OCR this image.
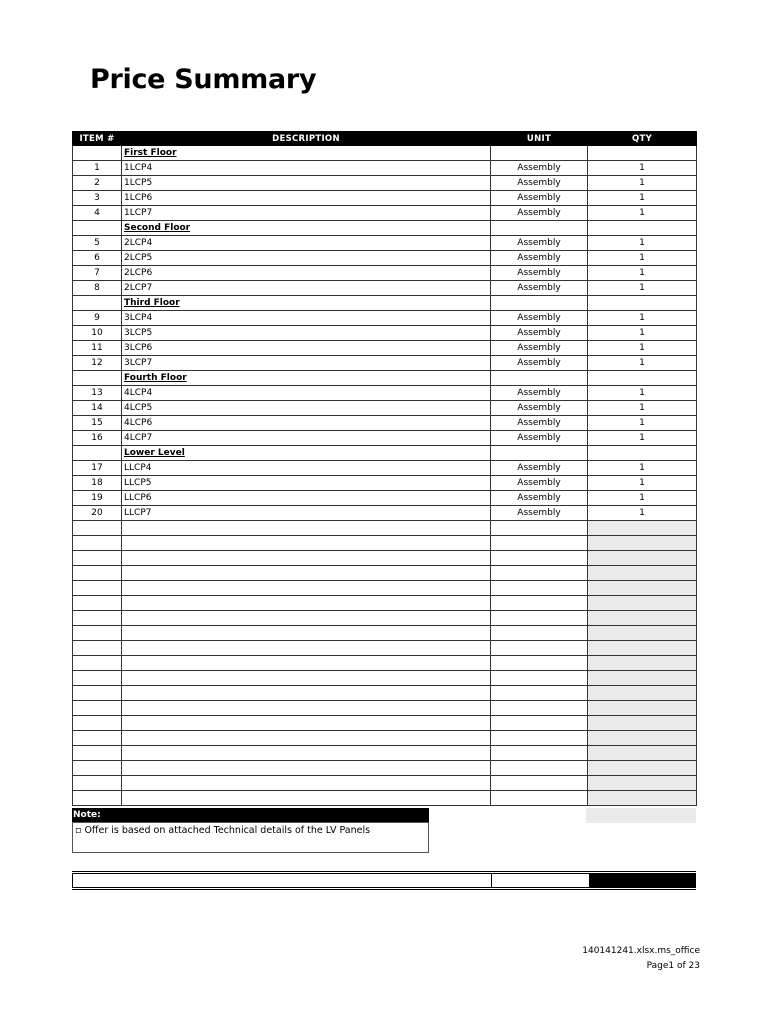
Price Summary
ITEM #	DESCRIPTION	UNIT	QTY
	First Floor		
1	1LCP4	Assembly	1
2	1LCP5	Assembly	1
3	1LCP6	Assembly	1
4	1LCP7	Assembly	1
	Second Floor		
5	2LCP4	Assembly	1
6	2LCP5	Assembly	1
7	2LCP6	Assembly	1
8	2LCP7	Assembly	1
	Third Floor		
9	3LCP4	Assembly	1
10	3LCP5	Assembly	1
11	3LCP6	Assembly	1
12	3LCP7	Assembly	1
	Fourth Floor		
13	4LCP4	Assembly	1
14	4LCP5	Assembly	1
15	4LCP6	Assembly	1
16	4LCP7	Assembly	1
	Lower Level		
17	LLCP4	Assembly	1
18	LLCP5	Assembly	1
19	LLCP6	Assembly	1
20	LLCP7	Assembly	1

Note:
▫ Offer is based on attached Technical details of the LV Panels
140141241.xlsx.ms_office
Page1 of 23
